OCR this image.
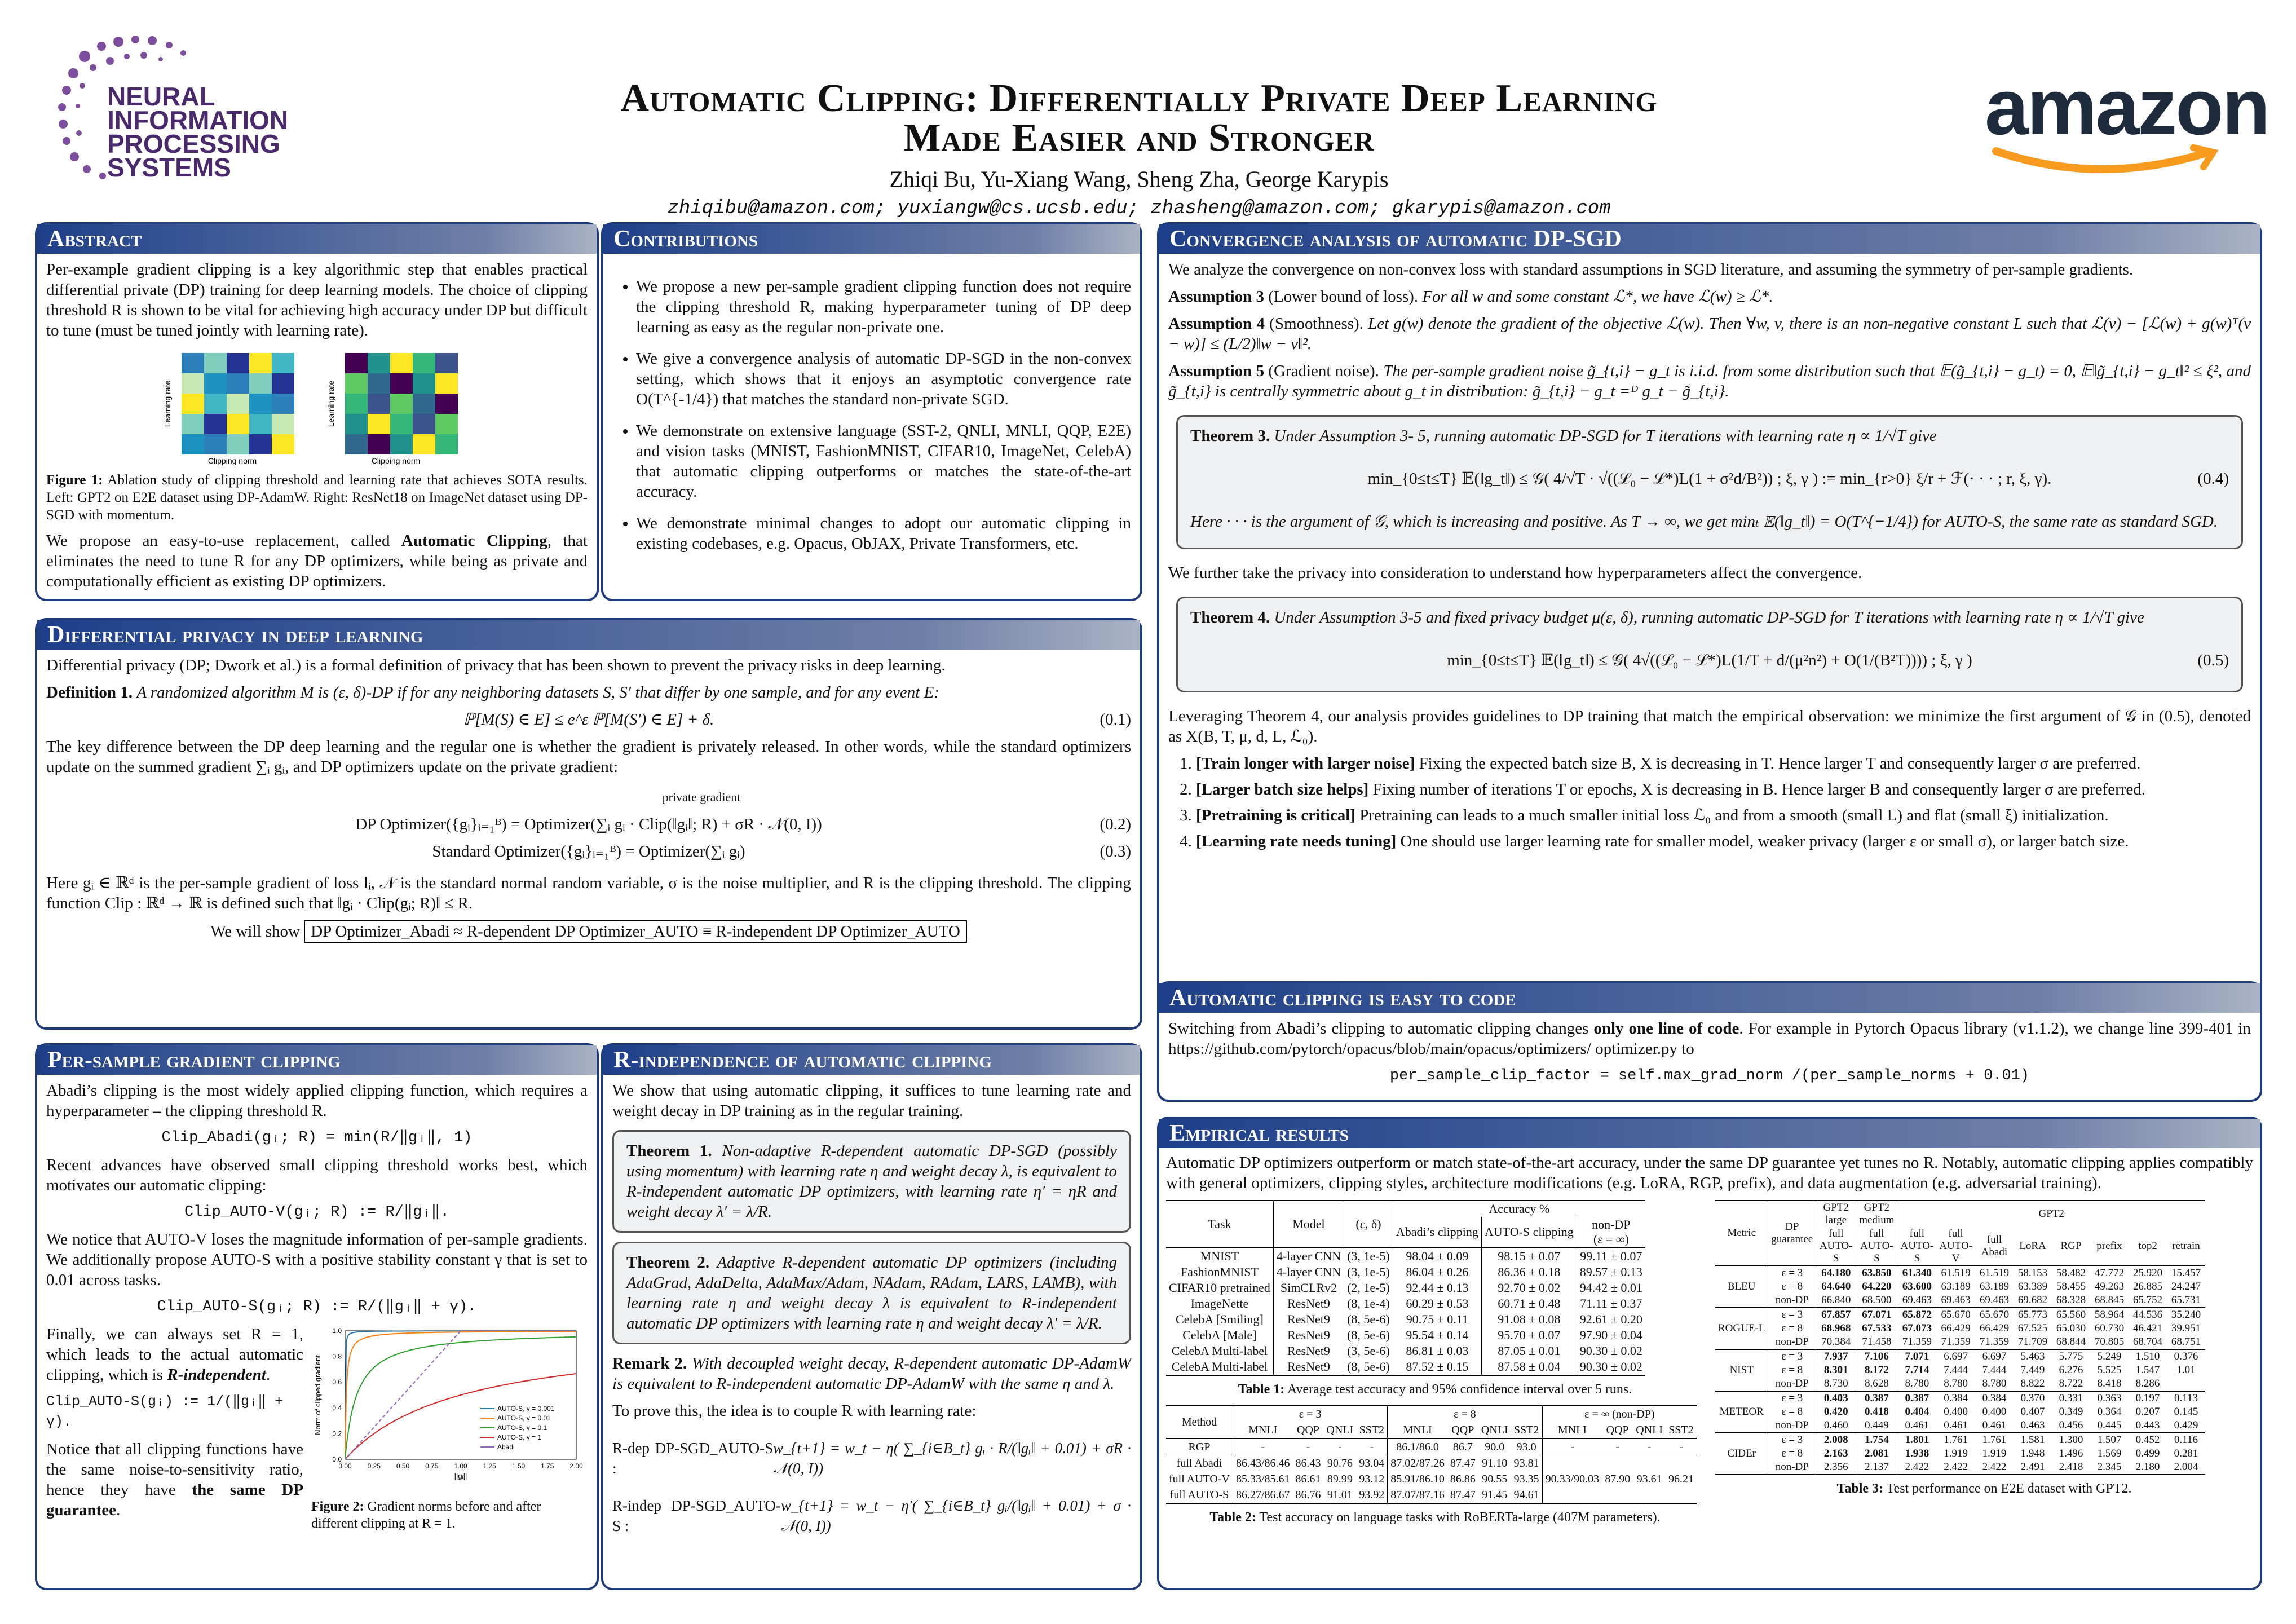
NEURAL
INFORMATION
PROCESSING
SYSTEMS
Automatic Clipping: Differentially Private Deep Learning
Made Easier and Stronger
Zhiqi Bu, Yu-Xiang Wang, Sheng Zha, George Karypis
zhiqibu@amazon.com; yuxiangw@cs.ucsb.edu; zhasheng@amazon.com; gkarypis@amazon.com
amazon
Abstract

Per-example gradient clipping is a key algorithmic step that enables practical differential private (DP) training for deep learning models. The choice of clipping threshold R is shown to be vital for achieving high accuracy under DP but difficult to tune (must be tuned jointly with learning rate).

Clipping norm
Learning rate
Clipping norm
Learning rate

Figure 1: Ablation study of clipping threshold and learning rate that achieves SOTA results. Left: GPT2 on E2E dataset using DP-AdamW. Right: ResNet18 on ImageNet dataset using DP-SGD with momentum.

We propose an easy-to-use replacement, called Automatic Clipping, that eliminates the need to tune R for any DP optimizers, while being as private and computationally efficient as existing DP optimizers.

Contributions
• We propose a new per-sample gradient clipping function does not require the clipping threshold R, making hyperparameter tuning of DP deep learning as easy as the regular non-private one.
• We give a convergence analysis of automatic DP-SGD in the non-convex setting, which shows that it enjoys an asymptotic convergence rate O(T^{-1/4}) that matches the standard non-private SGD.
• We demonstrate on extensive language (SST-2, QNLI, MNLI, QQP, E2E) and vision tasks (MNIST, FashionMNIST, CIFAR10, ImageNet, CelebA) that automatic clipping outperforms or matches the state-of-the-art accuracy.
• We demonstrate minimal changes to adopt our automatic clipping in existing codebases, e.g. Opacus, ObJAX, Private Transformers, etc.
Differential privacy in deep learning

Differential privacy (DP; Dwork et al.) is a formal definition of privacy that has been shown to prevent the privacy risks in deep learning.

Definition 1. A randomized algorithm M is (ε, δ)-DP if for any neighboring datasets S, S′ that differ by one sample, and for any event E:

ℙ[M(S) ∈ E] ≤ e^ε ℙ[M(S′) ∈ E] + δ.	(0.1)

The key difference between the DP deep learning and the regular one is whether the gradient is privately released. In other words, while the standard optimizers update on the summed gradient ∑ᵢ gᵢ, and DP optimizers update on the private gradient:

private gradient
DP Optimizer({gᵢ}ᵢ₌₁ᴮ) = Optimizer(∑ᵢ gᵢ · Clip(‖gᵢ‖; R) + σR · 𝒩(0, I))	(0.2)
Standard Optimizer({gᵢ}ᵢ₌₁ᴮ) = Optimizer(∑ᵢ gᵢ)	(0.3)

Here gᵢ ∈ ℝᵈ is the per-sample gradient of loss lᵢ, 𝒩 is the standard normal random variable, σ is the noise multiplier, and R is the clipping threshold. The clipping function Clip : ℝᵈ → ℝ is defined such that ‖gᵢ · Clip(gᵢ; R)‖ ≤ R.

We will show DP Optimizer_Abadi ≈ R-dependent DP Optimizer_AUTO ≡ R-independent DP Optimizer_AUTO
Per-sample gradient clipping

Abadi’s clipping is the most widely applied clipping function, which requires a hyperparameter – the clipping threshold R.

Clip_Abadi(gᵢ; R) = min(R/‖gᵢ‖, 1)

Recent advances have observed small clipping threshold works best, which motivates our automatic clipping:

Clip_AUTO-V(gᵢ; R) := R/‖gᵢ‖.

We notice that AUTO-V loses the magnitude information of per-sample gradients. We additionally propose AUTO-S with a positive stability constant γ that is set to 0.01 across tasks.

Clip_AUTO-S(gᵢ; R) := R/(‖gᵢ‖ + γ).

Finally, we can always set R = 1, which leads to the actual automatic clipping, which is R-independent.

Clip_AUTO-S(gᵢ) := 1/(‖gᵢ‖ + γ).

Notice that all clipping functions have the same noise-to-sensitivity ratio, hence they have the same DP guarantee.

0.00 0.25 0.50 0.75 1.00 1.25 1.50 1.75 2.00
0.0
0.2
0.4
0.6
0.8
1.0
||gᵢ||
Norm of clipped gradient	AUTO-S, γ = 0.001
AUTO-S, γ = 0.01
AUTO-S, γ = 0.1
AUTO-S, γ = 1
Abadi
Figure 2: Gradient norms before and after different clipping at R = 1.
R-independence of automatic clipping

We show that using automatic clipping, it suffices to tune learning rate and weight decay in DP training as in the regular training.

Theorem 1. Non-adaptive R-dependent automatic DP-SGD (possibly using momentum) with learning rate η and weight decay λ, is equivalent to R-independent automatic DP optimizers, with learning rate η′ = ηR and weight decay λ′ = λ/R.
Theorem 2. Adaptive R-dependent automatic DP optimizers (including AdaGrad, AdaDelta, AdaMax/Adam, NAdam, RAdam, LARS, LAMB), with learning rate η and weight decay λ is equivalent to R-independent automatic DP optimizers with learning rate η and weight decay λ′ = λ/R.

Remark 2. With decoupled weight decay, R-dependent automatic DP-AdamW is equivalent to R-independent automatic DP-AdamW with the same η and λ.

To prove this, the idea is to couple R with learning rate:

R-dep DP-SGD_AUTO-S :
w_{t+1} = w_t − η( ∑_{i∈B_t} gᵢ · R/(‖gᵢ‖ + 0.01) + σR · 𝒩(0, I))
R-indep DP-SGD_AUTO-S :
w_{t+1} = w_t − η′( ∑_{i∈B_t} gᵢ/(‖gᵢ‖ + 0.01) + σ · 𝒩(0, I))
Convergence analysis of automatic DP-SGD

We analyze the convergence on non-convex loss with standard assumptions in SGD literature, and assuming the symmetry of per-sample gradients.

Assumption 3 (Lower bound of loss). For all w and some constant ℒ*, we have ℒ(w) ≥ ℒ*.

Assumption 4 (Smoothness). Let g(w) denote the gradient of the objective ℒ(w). Then ∀w, v, there is an non-negative constant L such that ℒ(v) − [ℒ(w) + g(w)ᵀ(v − w)] ≤ (L/2)‖w − v‖².

Assumption 5 (Gradient noise). The per-sample gradient noise g̃_{t,i} − g_t is i.i.d. from some distribution such that 𝔼(g̃_{t,i} − g_t) = 0, 𝔼‖g̃_{t,i} − g_t‖² ≤ ξ², and g̃_{t,i} is centrally symmetric about g_t in distribution: g̃_{t,i} − g_t =ᴰ g_t − g̃_{t,i}.

Theorem 3. Under Assumption 3- 5, running automatic DP-SGD for T iterations with learning rate η ∝ 1/√T give

min_{0≤t≤T} 𝔼(‖g_t‖) ≤ 𝒢( 4/√T · √((ℒ₀ − ℒ*)L(1 + σ²d/B²)) ; ξ, γ ) := min_{r>0} ξ/r + ℱ(· · · ; r, ξ, γ).	(0.4)

Here · · · is the argument of 𝒢, which is increasing and positive. As T → ∞, we get minₜ 𝔼(‖g_t‖) = O(T^{−1/4}) for AUTO-S, the same rate as standard SGD.

We further take the privacy into consideration to understand how hyperparameters affect the convergence.

Theorem 4. Under Assumption 3-5 and fixed privacy budget μ(ε, δ), running automatic DP-SGD for T iterations with learning rate η ∝ 1/√T give

min_{0≤t≤T} 𝔼(‖g_t‖) ≤ 𝒢( 4√((ℒ₀ − ℒ*)L(1/T + d/(μ²n²) + O(1/(B²T)))) ; ξ, γ )	(0.5)

Leveraging Theorem 4, our analysis provides guidelines to DP training that match the empirical observation: we minimize the first argument of 𝒢 in (0.5), denoted as X(B, T, μ, d, L, ℒ₀).

1. [Train longer with larger noise] Fixing the expected batch size B, X is decreasing in T. Hence larger T and consequently larger σ are preferred.
2. [Larger batch size helps] Fixing number of iterations T or epochs, X is decreasing in B. Hence larger B and consequently larger σ are preferred.
3. [Pretraining is critical] Pretraining can leads to a much smaller initial loss ℒ₀ and from a smooth (small L) and flat (small ξ) initialization.
4. [Learning rate needs tuning] One should use larger learning rate for smaller model, weaker privacy (larger ε or small σ), or larger batch size.
Automatic clipping is easy to code

Switching from Abadi’s clipping to automatic clipping changes only one line of code. For example in Pytorch Opacus library (v1.1.2), we change line 399-401 in https://github.com/pytorch/opacus/blob/main/opacus/optimizers/ optimizer.py to

per_sample_clip_factor = self.max_grad_norm /(per_sample_norms + 0.01)
Empirical results

Automatic DP optimizers outperform or match state-of-the-art accuracy, under the same DP guarantee yet tunes no R. Notably, automatic clipping applies compatibly with general optimizers, clipping styles, architecture modifications (e.g. LoRA, RGP, prefix), and data augmentation (e.g. adversarial training).

Task	Model	(ε, δ)	Accuracy %		
			Abadi’s clipping	AUTO-S clipping	non-DP
(ε = ∞)
MNIST	4-layer CNN	(3, 1e-5)	98.04 ± 0.09	98.15 ± 0.07	99.11 ± 0.07
FashionMNIST	4-layer CNN	(3, 1e-5)	86.04 ± 0.26	86.36 ± 0.18	89.57 ± 0.13
CIFAR10 pretrained	SimCLRv2	(2, 1e-5)	92.44 ± 0.13	92.70 ± 0.02	94.42 ± 0.01
ImageNette	ResNet9	(8, 1e-4)	60.29 ± 0.53	60.71 ± 0.48	71.11 ± 0.37
CelebA [Smiling]	ResNet9	(8, 5e-6)	90.75 ± 0.11	91.08 ± 0.08	92.61 ± 0.20
CelebA [Male]	ResNet9	(8, 5e-6)	95.54 ± 0.14	95.70 ± 0.07	97.90 ± 0.04
CelebA Multi-label	ResNet9	(3, 5e-6)	86.81 ± 0.03	87.05 ± 0.01	90.30 ± 0.02
CelebA Multi-label	ResNet9	(8, 5e-6)	87.52 ± 0.15	87.58 ± 0.04	90.30 ± 0.02
Table 1: Average test accuracy and 95% confidence interval over 5 runs.
Method	ε = 3				ε = 8				ε = ∞ (non-DP)			
	MNLI	QQP	QNLI	SST2	MNLI	QQP	QNLI	SST2	MNLI	QQP	QNLI	SST2
RGP	-	-	-	-	86.1/86.0	86.7	90.0	93.0	-	-	-	-
full Abadi	86.43/86.46	86.43	90.76	93.04	87.02/87.26	87.47	91.10	93.81				
full AUTO-V	85.33/85.61	86.61	89.99	93.12	85.91/86.10	86.86	90.55	93.35	90.33/90.03	87.90	93.61	96.21
full AUTO-S	86.27/86.67	86.76	91.01	93.92	87.07/87.16	87.47	91.45	94.61				
Table 2: Test accuracy on language tasks with RoBERTa-large (407M parameters).
Metric	DP guarantee	GPT2 large	GPT2 medium	GPT2							
		full AUTO-S	full AUTO-S	full AUTO-S	full AUTO-V	full Abadi	LoRA	RGP	prefix	top2	retrain
BLEU	ε = 3	64.180	63.850	61.340	61.519	61.519	58.153	58.482	47.772	25.920	15.457
	ε = 8	64.640	64.220	63.600	63.189	63.189	63.389	58.455	49.263	26.885	24.247
	non-DP	66.840	68.500	69.463	69.463	69.463	69.682	68.328	68.845	65.752	65.731
ROGUE-L	ε = 3	67.857	67.071	65.872	65.670	65.670	65.773	65.560	58.964	44.536	35.240
	ε = 8	68.968	67.533	67.073	66.429	66.429	67.525	65.030	60.730	46.421	39.951
	non-DP	70.384	71.458	71.359	71.359	71.359	71.709	68.844	70.805	68.704	68.751
NIST	ε = 3	7.937	7.106	7.071	6.697	6.697	5.463	5.775	5.249	1.510	0.376
	ε = 8	8.301	8.172	7.714	7.444	7.444	7.449	6.276	5.525	1.547	1.01
	non-DP	8.730	8.628	8.780	8.780	8.780	8.822	8.722	8.418	8.286	
METEOR	ε = 3	0.403	0.387	0.387	0.384	0.384	0.370	0.331	0.363	0.197	0.113
	ε = 8	0.420	0.418	0.404	0.400	0.400	0.407	0.349	0.364	0.207	0.145
	non-DP	0.460	0.449	0.461	0.461	0.461	0.463	0.456	0.445	0.443	0.429
CIDEr	ε = 3	2.008	1.754	1.801	1.761	1.761	1.581	1.300	1.507	0.452	0.116
	ε = 8	2.163	2.081	1.938	1.919	1.919	1.948	1.496	1.569	0.499	0.281
	non-DP	2.356	2.137	2.422	2.422	2.422	2.491	2.418	2.345	2.180	2.004
Table 3: Test performance on E2E dataset with GPT2.
